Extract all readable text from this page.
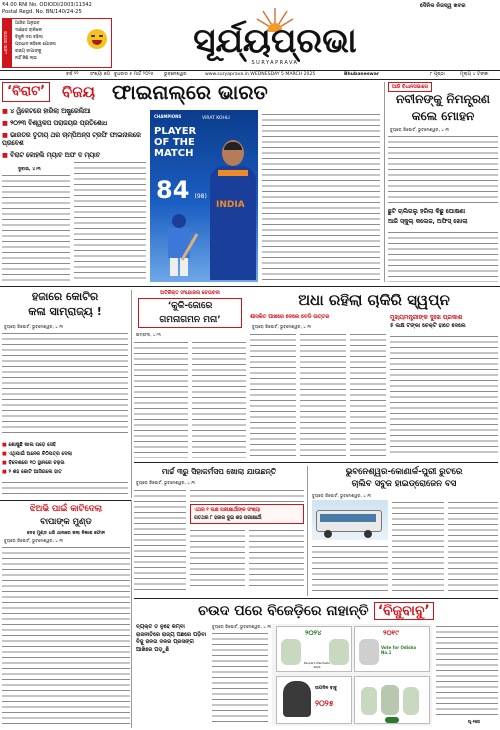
₹4.00 RNI No. ODIODI/2003/11342
Postal Regd. No. BN/140/24-25
ଦୈନିକ ନିଜସ୍ୱ ଖବର
ଧକ୍କା ଉତ୍ତର
ଆଜିର ଅନୁଭବ
ଦାଣ୍ଡେ ଚାଲିଲେ
ବିଜୁଳି ଦର ବଢିଲା
ପ୍ରଧାନ କହିଲେ ଯୋଜନା
ରାଜ୍ୟ ବାପାଙ୍କୁ
ନାହିଁ କିଛି ଲାଭ	ସୂର୍ଯ୍ୟପ୍ରଭା
SURYAPRAVA
ବର୍ଷ ୨୨ ସଂଖ୍ୟା ୭୦ ବୁଧବାର ୫ ମାର୍ଚ୍ଚ ୨୦୨୫ ଭୁବନେଶ୍ୱର	www.suryaprava.in WEDNESDAY 5 MARCH 2025	Bhubaneswar	୮ ପୃଷ୍ଠା	ମୂଲ୍ୟ ୪ ଟଙ୍କା
‘ବିରାଟ’	ବିଜୟ ଫାଇନାଲ୍‌ରେ ଭାରତ
■ ୪ ୱିକେଟରେ ହାରିଲା ଅଷ୍ଟ୍ରେଲିଆ
■ ୨୦୨୩ ବିଶ୍ୱକପ ପରାଜୟର ପ୍ରତିଶୋଧ
■ ଭାରତର ତୃତୀୟ ଥର ଚାମ୍ପିଅନ୍ସ ଟ୍ରଫି ଫାଇନାଲରେ ପ୍ରବେଶ
■ ବିରାଟ କୋହଲି ମ୍ୟାଚ ଅଫ ଦ ମ୍ୟାଚ
ଦୁବାଇ, ୪।୩
CHAMPIONS	VIRAT KOHLI
PLAYER OF THE MATCH
84 (98)
INDIA
ଆଜି ବିଧାନସଭାରେ
ନବୀନଙ୍କୁ ନିମନ୍ତ୍ରଣ
କଲେ ମୋହନ
ବ୍ୟୁରୋ ରିପୋର୍ଟ, ଭୁବନେଶ୍ୱର, ୪।୩
ଛୁଟି ଚାଲିଗଲୁ ହରିଲା କିଛୁ ଘୋଷଣା
ଆଜି ସ୍କୁଲ୍ କଲେଜ, ଅଫିସ୍ ଖୋଲା
ହଜାରେ କୋଟିର
କଳା ସାମ୍ରାଜ୍ୟ !
ବ୍ୟୁରୋ ରିପୋର୍ଟ, ଭୁବନେଶ୍ୱର, ୪।୩
■ ଶୋଷୁଛି ଖାଲ ପଡ଼େ ସେହି
■ ଏଥିପାଇଁ ଅନେକ ଚିଠିପତ୍ର ଦେଲା
■ ବିଦେଶରେ ୧୦ ସ୍ଥାନରେ ଚଢ଼ଉ
■ ୨ ଶହ କୋଟି ଆସିଗଲେ ହାତ
ଅତିରିକ୍ତ ସଂଯୋଜନା ଚେତାବନୀ
‘କୁକି-ଜୋରେ
ଗମନାଗମନ ମନା’
ଇମ୍ଫଲ, ୪।୩
ଅଧା ରହିଲା ଚାକିରି ସ୍ୱପ୍ନ
ଶାସକିତ ପାଖରେ ଦେଲେ ବେଡି ଉତ୍ତର	ମୁଖ୍ୟମନ୍ତ୍ରୀଙ୍କ ଦୁଃଖ ପ୍ରକାଶ
୫ ଲକ୍ଷ ଟଙ୍କା ଚେକ୍‌ଟି ହାତେ ଦେଲେ
ବ୍ୟୁରୋ ରିପୋର୍ଟ, ଭୁବନେଶ୍ୱର, ୪।୩
ମାର୍ଚ୍ଚ ୩ରୁ ସିହାକର୍ମସପ ଖୋଲା ଯାଉଛନ୍ତି
ବ୍ୟୁରୋ ରିପୋର୍ଟ, ଭୁବନେଶ୍ୱର, ୪।୩
ଏଥର ୧ ଲକ୍ଷ ପରୀକ୍ଷାର୍ଥୀଙ୍କ ସଂଖ୍ୟା
ଗତଥର ୮ ହଜାର ଦୁଇ ଶହ ପରୀକ୍ଷାର୍ଥୀ
ଭୁବନେଶ୍ୱର-କୋଣାର୍କ-ପୁରୀ ରୁଟରେ
ଚାଲିବ ସବୁଜ ହାଇଡ୍ରୋଜେନ ବସ
ବ୍ୟୁରୋ ରିପୋର୍ଟ, ଭୁବନେଶ୍ୱର, ୪।୩
ଝିଅଭି ପାଇଁ କାଟିଦେଲା
ବାପାଙ୍କ ମୁଣ୍ଡ
ଦେହ ମୁଣ୍ଡ ଧରି ଥାନାରେ କଲା ନିକାଶ ଫୋନ
ବ୍ୟୁରୋ ରିପୋର୍ଟ, ଭୁବନେଶ୍ୱର, ୪।୩
ଚଉଦ ପରେ ବିଜେଡ଼ିରେ ନାହାନ୍ତି ‘ବିଜୁବାବୁ’
ବ୍ୟକ୍ତି ତ ନୁହେଁ କିମ୍ବା ରାଜନୀତିରେ ରାଜ୍ୟ ପଛରେ ପଡ଼ିବା ବିଜୁ ଜନତା ଦଳର ପ୍ରସଙ୍ଗ ଆଖିରେ ପଡ଼ୁଛି
ବ୍ୟୁରୋ ରିପୋର୍ଟ, ଭୁବନେଶ୍ୱର, ୪।୩
୨୦୨୪
People's Manifesto 2024
୨୦୧୯
Vote for Odisha No.1
ଉପଦିନ ବାବୁ
୨୦୨୫
ପୃ-୨ରେ
